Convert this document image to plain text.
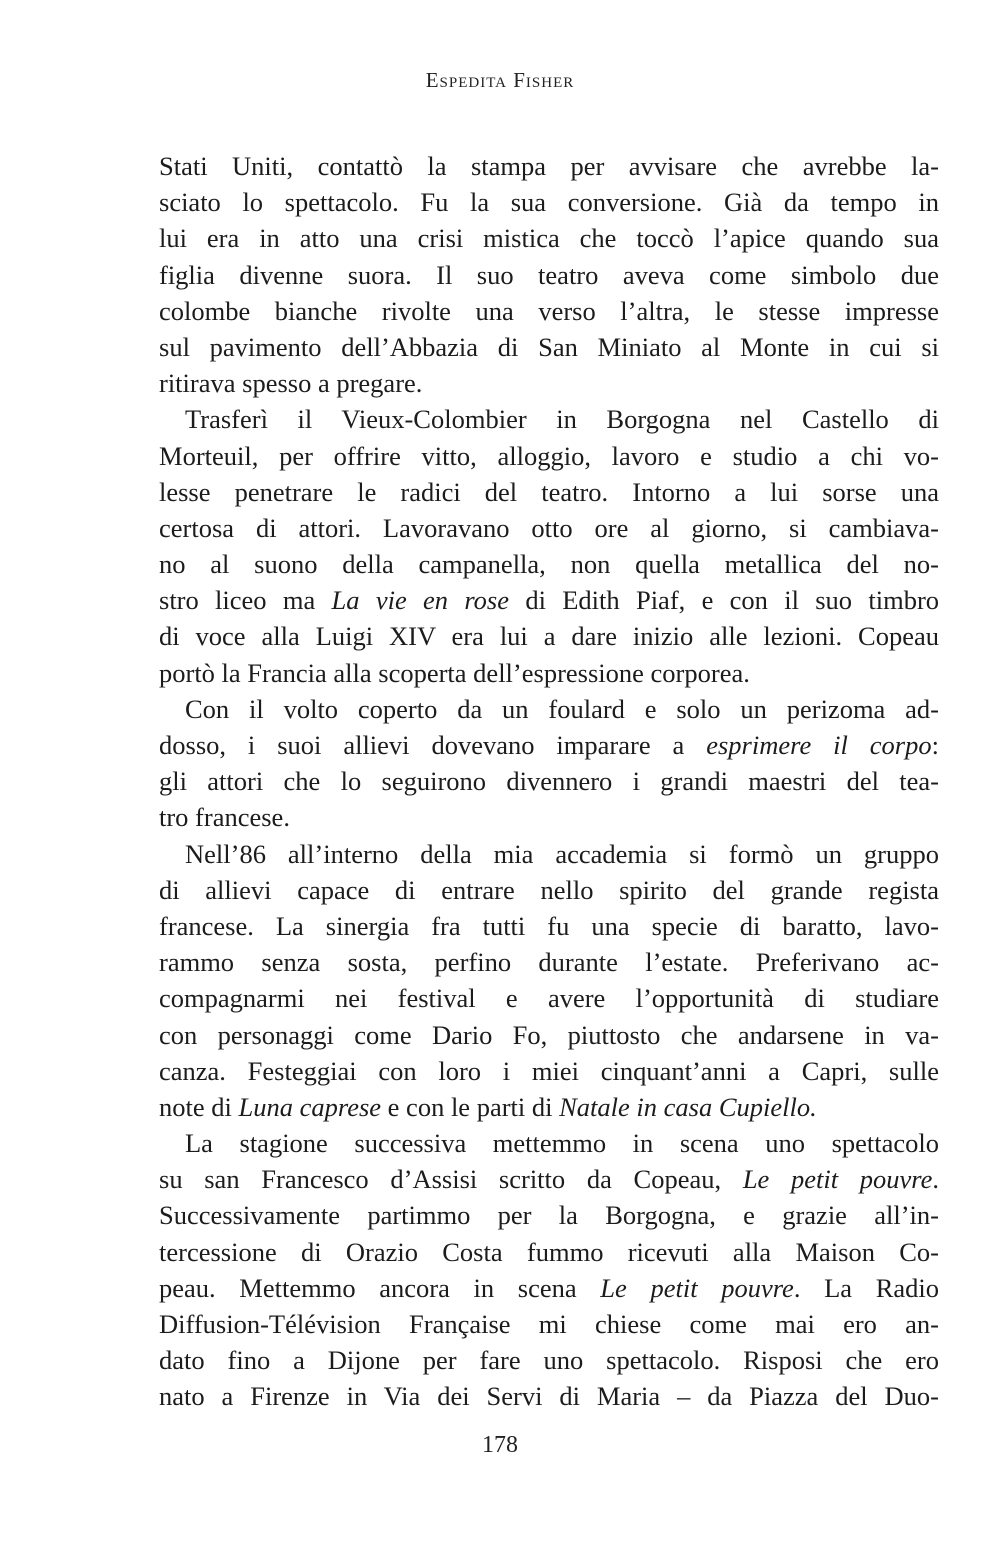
Espedita Fisher
Stati Uniti, contattò la stampa per avvisare che avrebbe la-
sciato lo spettacolo. Fu la sua conversione. Già da tempo in
lui era in atto una crisi mistica che toccò l’apice quando sua
figlia divenne suora. Il suo teatro aveva come simbolo due
colombe bianche rivolte una verso l’altra, le stesse impresse
sul pavimento dell’Abbazia di San Miniato al Monte in cui si
ritirava spesso a pregare.
Trasferì il Vieux-Colombier in Borgogna nel Castello di
Morteuil, per offrire vitto, alloggio, lavoro e studio a chi vo-
lesse penetrare le radici del teatro. Intorno a lui sorse una
certosa di attori. Lavoravano otto ore al giorno, si cambiava-
no al suono della campanella, non quella metallica del no-
stro liceo ma La vie en rose di Edith Piaf, e con il suo timbro
di voce alla Luigi XIV era lui a dare inizio alle lezioni. Copeau
portò la Francia alla scoperta dell’espressione corporea.
Con il volto coperto da un foulard e solo un perizoma ad-
dosso, i suoi allievi dovevano imparare a esprimere il corpo:
gli attori che lo seguirono divennero i grandi maestri del tea-
tro francese.
Nell’86 all’interno della mia accademia si formò un gruppo
di allievi capace di entrare nello spirito del grande regista
francese. La sinergia fra tutti fu una specie di baratto, lavo-
rammo senza sosta, perfino durante l’estate. Preferivano ac-
compagnarmi nei festival e avere l’opportunità di studiare
con personaggi come Dario Fo, piuttosto che andarsene in va-
canza. Festeggiai con loro i miei cinquant’anni a Capri, sulle
note di Luna caprese e con le parti di Natale in casa Cupiello.
La stagione successiva mettemmo in scena uno spettacolo
su san Francesco d’Assisi scritto da Copeau, Le petit pouvre.
Successivamente partimmo per la Borgogna, e grazie all’in-
tercessione di Orazio Costa fummo ricevuti alla Maison Co-
peau. Mettemmo ancora in scena Le petit pouvre. La Radio
Diffusion-Télévision Française mi chiese come mai ero an-
dato fino a Dijone per fare uno spettacolo. Risposi che ero
nato a Firenze in Via dei Servi di Maria – da Piazza del Duo-
178
